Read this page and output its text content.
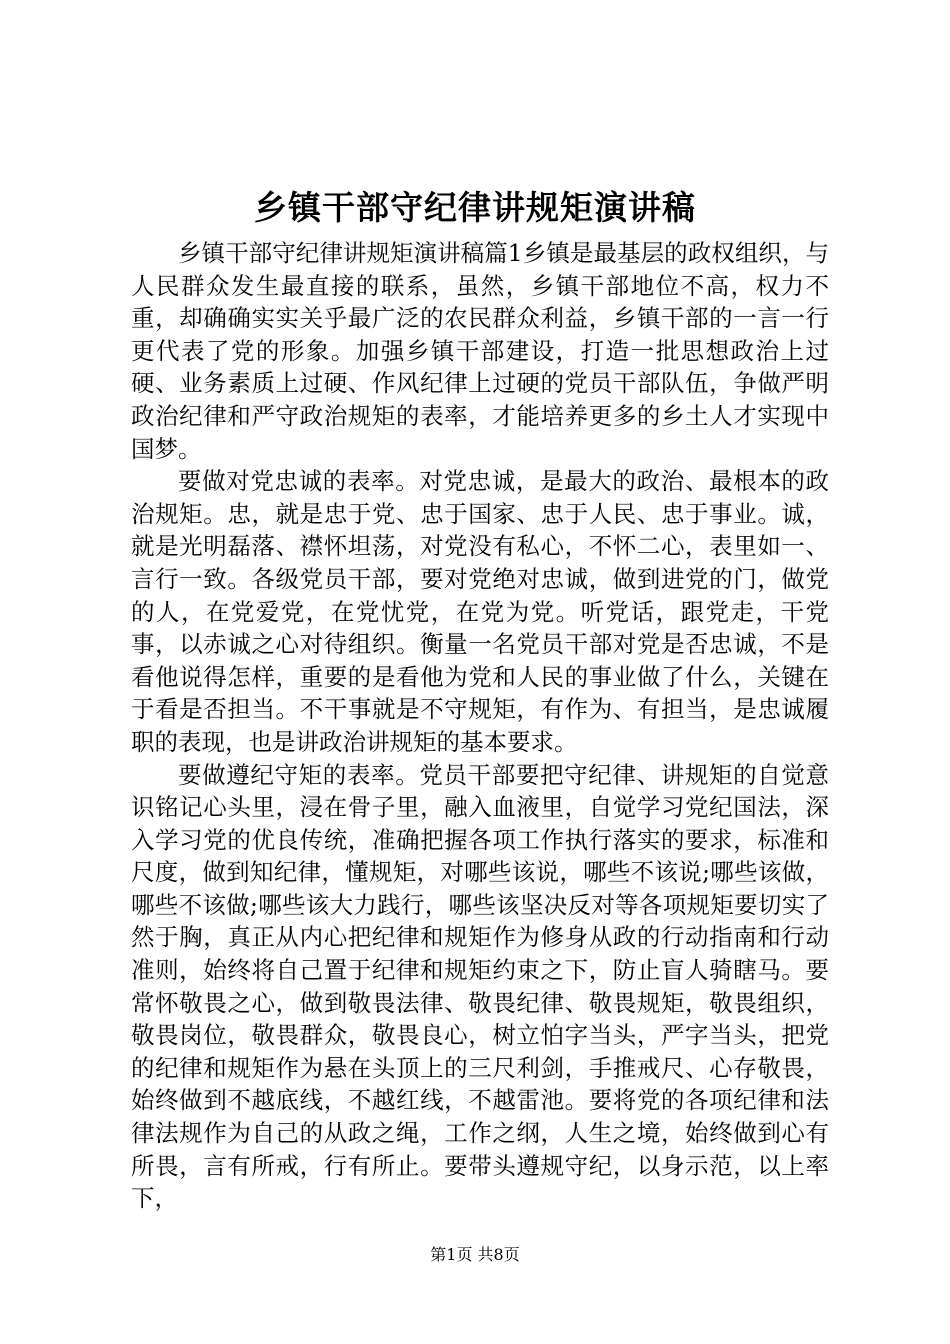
乡镇干部守纪律讲规矩演讲稿

乡镇干部守纪律讲规矩演讲稿篇1乡镇是最基层的政权组织，与人民群众发生最直接的联系，虽然，乡镇干部地位不高，权力不重，却确确实实关乎最广泛的农民群众利益，乡镇干部的一言一行更代表了党的形象。加强乡镇干部建设，打造一批思想政治上过硬、业务素质上过硬、作风纪律上过硬的党员干部队伍，争做严明政治纪律和严守政治规矩的表率，才能培养更多的乡土人才实现中国梦。

要做对党忠诚的表率。对党忠诚，是最大的政治、最根本的政治规矩。忠，就是忠于党、忠于国家、忠于人民、忠于事业。诚，就是光明磊落、襟怀坦荡，对党没有私心，不怀二心，表里如一、言行一致。各级党员干部，要对党绝对忠诚，做到进党的门，做党的人，在党爱党，在党忧党，在党为党。听党话，跟党走，干党事，以赤诚之心对待组织。衡量一名党员干部对党是否忠诚，不是看他说得怎样，重要的是看他为党和人民的事业做了什么，关键在于看是否担当。不干事就是不守规矩，有作为、有担当，是忠诚履职的表现，也是讲政治讲规矩的基本要求。

要做遵纪守矩的表率。党员干部要把守纪律、讲规矩的自觉意识铭记心头里，浸在骨子里，融入血液里，自觉学习党纪国法，深入学习党的优良传统，准确把握各项工作执行落实的要求，标准和尺度，做到知纪律，懂规矩，对哪些该说，哪些不该说;哪些该做，哪些不该做;哪些该大力践行，哪些该坚决反对等各项规矩要切实了然于胸，真正从内心把纪律和规矩作为修身从政的行动指南和行动准则，始终将自己置于纪律和规矩约束之下，防止盲人骑瞎马。要常怀敬畏之心，做到敬畏法律、敬畏纪律、敬畏规矩，敬畏组织，敬畏岗位，敬畏群众，敬畏良心，树立怕字当头，严字当头，把党的纪律和规矩作为悬在头顶上的三尺利剑，手推戒尺、心存敬畏，始终做到不越底线，不越红线，不越雷池。要将党的各项纪律和法律法规作为自己的从政之绳，工作之纲，人生之境，始终做到心有所畏，言有所戒，行有所止。要带头遵规守纪，以身示范，以上率下，

第1页 共8页
